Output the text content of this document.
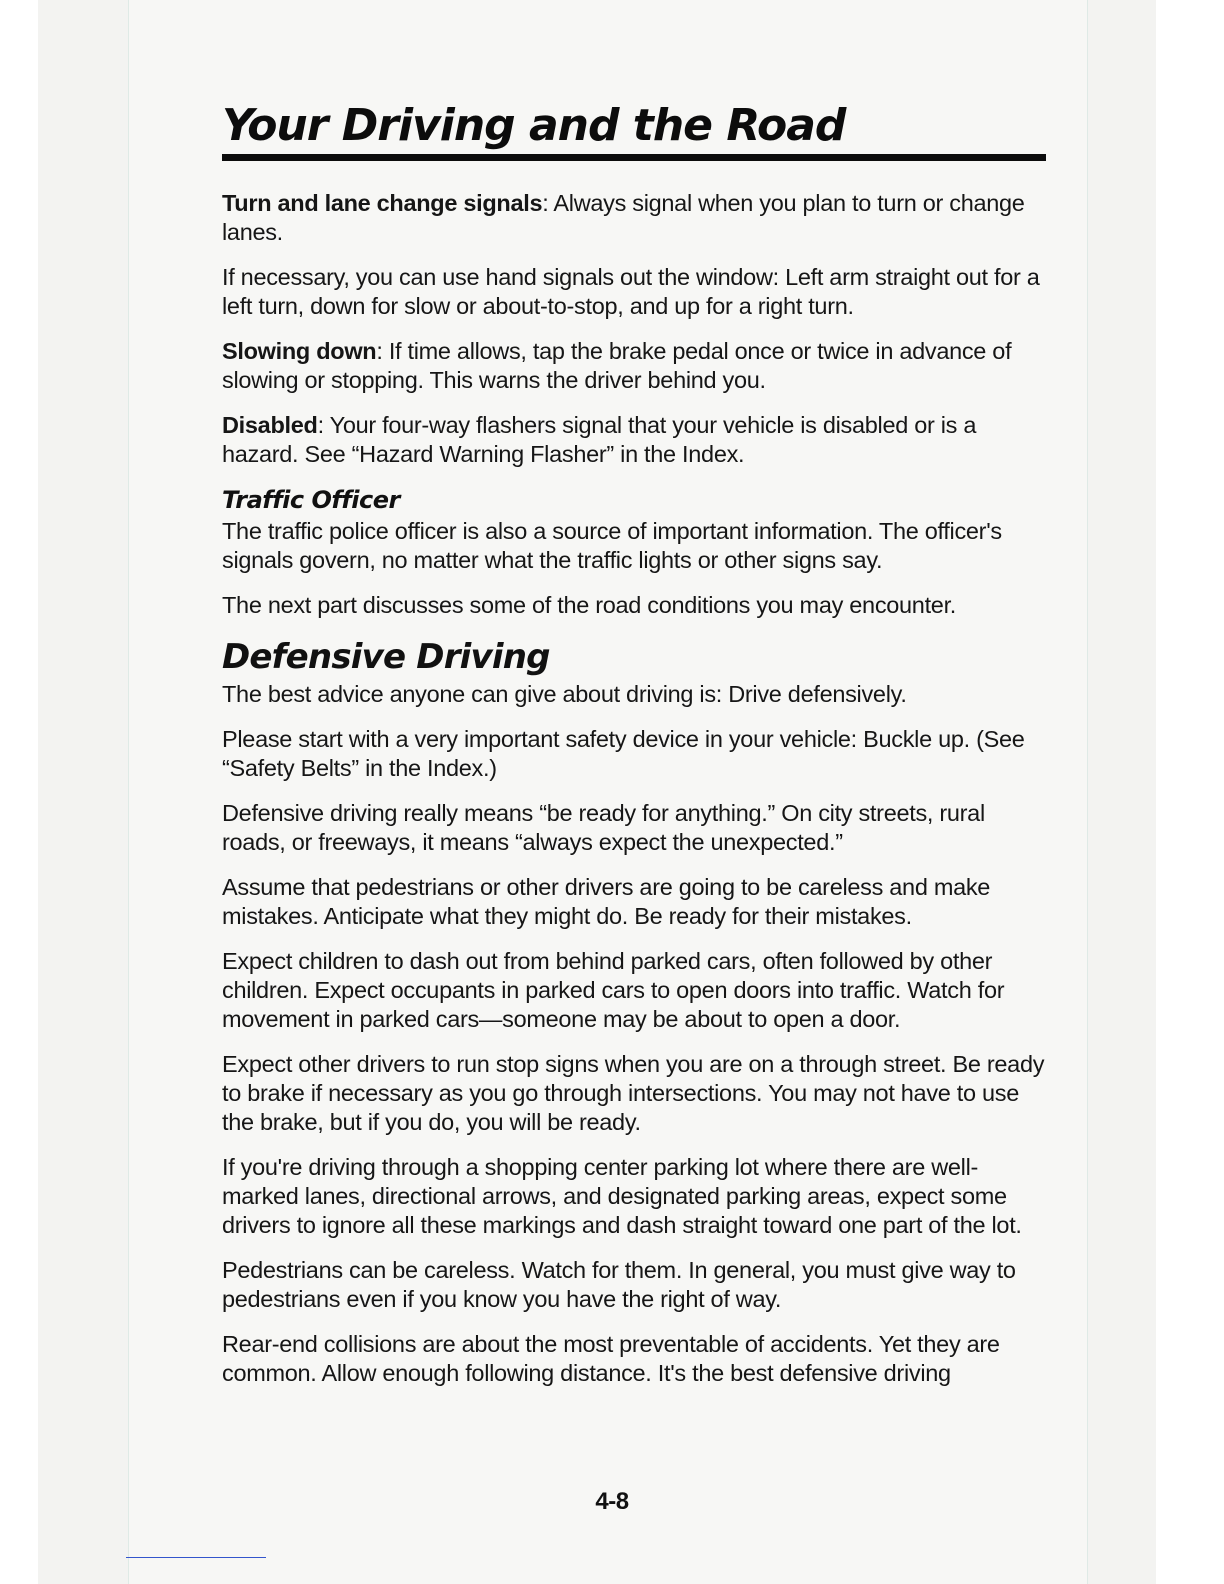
Your Driving and the Road

Turn and lane change signals: Always signal when you plan to turn or change lanes.

If necessary, you can use hand signals out the window: Left arm straight out for a left turn, down for slow or about-to-stop, and up for a right turn.

Slowing down: If time allows, tap the brake pedal once or twice in advance of slowing or stopping. This warns the driver behind you.

Disabled: Your four-way flashers signal that your vehicle is disabled or is a hazard. See “Hazard Warning Flasher” in the Index.

Traffic Officer

The traffic police officer is also a source of important information. The officer's signals govern, no matter what the traffic lights or other signs say.

The next part discusses some of the road conditions you may encounter.

Defensive Driving

The best advice anyone can give about driving is: Drive defensively.

Please start with a very important safety device in your vehicle: Buckle up. (See “Safety Belts” in the Index.)

Defensive driving really means “be ready for anything.” On city streets, rural roads, or freeways, it means “always expect the unexpected.”

Assume that pedestrians or other drivers are going to be careless and make mistakes. Anticipate what they might do. Be ready for their mistakes.

Expect children to dash out from behind parked cars, often followed by other children. Expect occupants in parked cars to open doors into traffic. Watch for movement in parked cars—someone may be about to open a door.

Expect other drivers to run stop signs when you are on a through street. Be ready to brake if necessary as you go through intersections. You may not have to use the brake, but if you do, you will be ready.

If you're driving through a shopping center parking lot where there are well-marked lanes, directional arrows, and designated parking areas, expect some drivers to ignore all these markings and dash straight toward one part of the lot.

Pedestrians can be careless. Watch for them. In general, you must give way to pedestrians even if you know you have the right of way.

Rear-end collisions are about the most preventable of accidents. Yet they are common. Allow enough following distance. It's the best defensive driving

4-8
